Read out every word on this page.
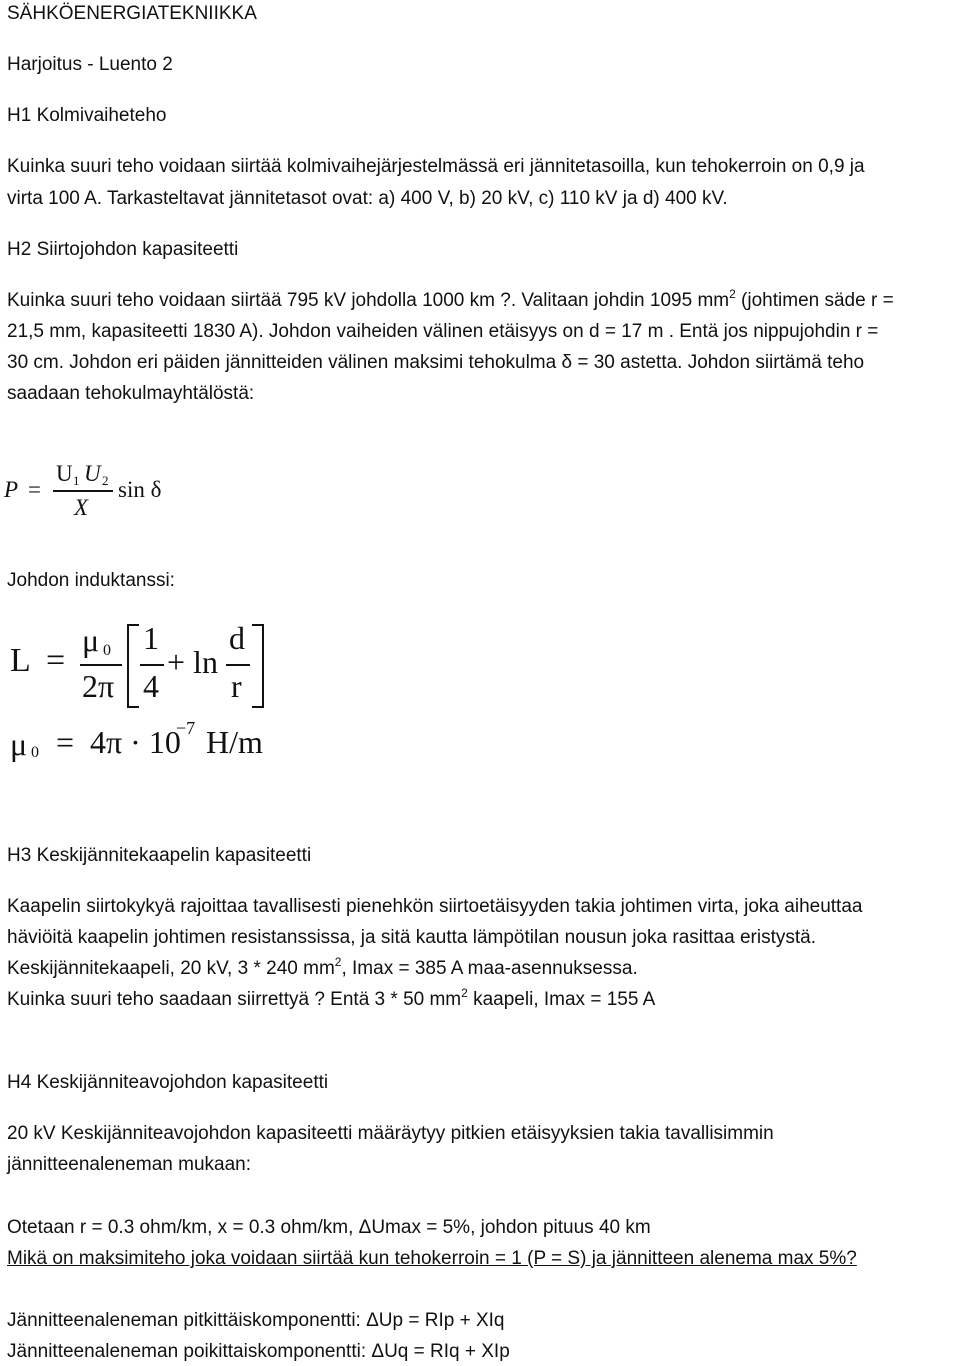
SÄHKÖENERGIATEKNIIKKA
Harjoitus - Luento 2
H1 Kolmivaihеteho
Kuinka suuri teho voidaan siirtää kolmivaihejärjestelmässä eri jännitetasoilla, kun tehokerroin on 0,9 ja
virta 100 A. Tarkasteltavat jännitetasot ovat: a) 400 V, b) 20 kV, c) 110 kV ja d) 400 kV.
H2 Siirtojohdon kapasiteetti
Kuinka suuri teho voidaan siirtää 795 kV johdolla 1000 km ?. Valitaan johdin 1095 $mm^2$ (johtimen säde r =
21,5 mm, kapasiteetti 1830 A). Johdon vaiheiden välinen etäisyys on d = 17 m . Entä jos nippujohdin r =
30 cm. Johdon eri päiden jännitteiden välinen maksimi tehokulma δ = 30 astetta. Johdon siirtämä teho
saadaan tehokulmayhtälöstä:
P =
U 1 U 2
X
sin δ
Johdon induktanssi:
L =
μ 0
2π
1
4
+ ln
d
r
μ 0 = 4π · 10
−7 H/m
H3 Keskijännitekaapelin kapasiteetti
Kaapelin siirtokykyä rajoittaa tavallisesti pienehkön siirtoetäisyyden takia johtimen virta, joka aiheuttaa
häviöitä kaapelin johtimen resistanssissa, ja sitä kautta lämpötilan nousun joka rasittaa eristystä.
Keskijännitekaapeli, 20 kV, 3 * 240 $mm^2$, Imax = 385 A maa-asennuksessa.
Kuinka suuri teho saadaan siirrettyä ? Entä 3 * 50 $mm^2$ kaapeli, Imax = 155 A
H4 Keskijänniteavojohdon kapasiteetti
20 kV Keskijänniteavojohdon kapasiteetti määräytyy pitkien etäisyyksien takia tavallisimmin
jännitteenaleneman mukaan:
Otetaan r = 0.3 ohm/km, x = 0.3 ohm/km, ΔUmax = 5%, johdon pituus 40 km
Mikä on maksimiteho joka voidaan siirtää kun tehokerroin = 1 (P = S) ja jännitteen alenema max 5%?
Jännitteenaleneman pitkittäiskomponentti: ΔUp = RIp + XIq
Jännitteenaleneman poikittaiskomponentti: ΔUq = RIq + XIp
